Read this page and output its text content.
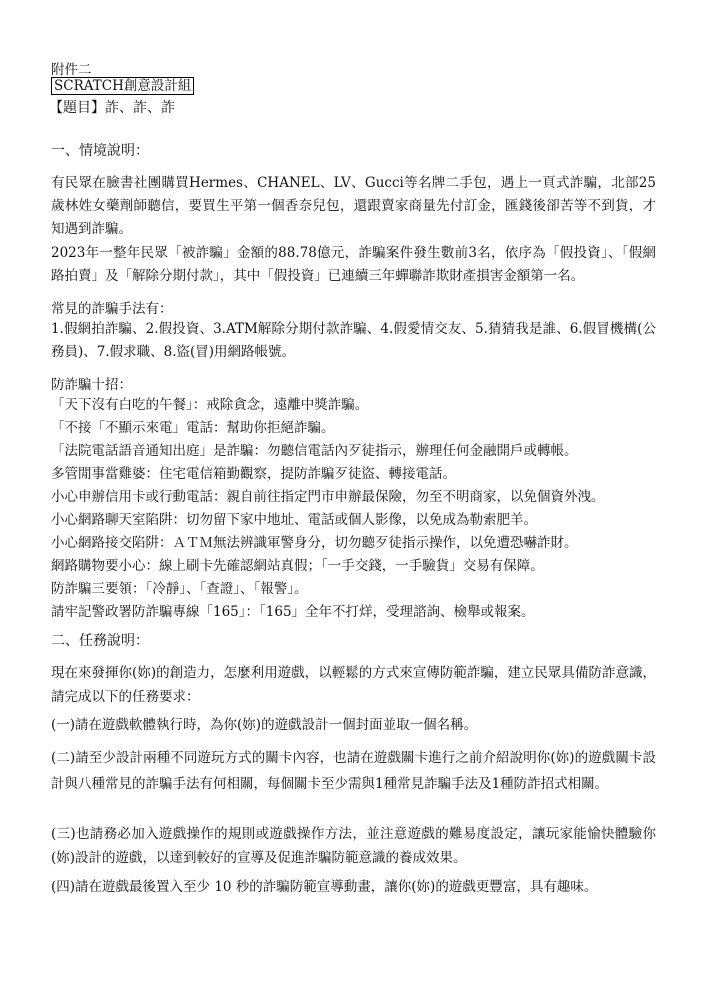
附件二
SCRATCH創意設計組
【題目】詐、詐、詐
一、情境說明：
有民眾在臉書社團購買Hermes、CHANEL、LV、Gucci等名牌二手包，遇上一頁式詐騙，北部25歲林姓女藥劑師聽信，要買生平第一個香奈兒包，還跟賣家商量先付訂金，匯錢後卻苦等不到貨，才知遇到詐騙。
2023年一整年民眾「被詐騙」金額的88.78億元，詐騙案件發生數前3名，依序為「假投資」、「假網路拍賣」及「解除分期付款」，其中「假投資」已連續三年蟬聯詐欺財產損害金額第一名。
常見的詐騙手法有：
1.假網拍詐騙、2.假投資、3.ATM解除分期付款詐騙、4.假愛情交友、5.猜猜我是誰、6.假冒機構(公務員)、7.假求職、8.盜(冒)用網路帳號。
防詐騙十招：
「天下沒有白吃的午餐」：戒除貪念，遠離中獎詐騙。
「不接「不顯示來電」電話：幫助你拒絕詐騙。
「法院電話語音通知出庭」是詐騙：勿聽信電話內歹徒指示，辦理任何金融開戶或轉帳。
多管閒事當雞婆：住宅電信箱勤觀察，提防詐騙歹徒盜、轉接電話。
小心申辦信用卡或行動電話：親自前往指定門市申辦最保險，勿至不明商家，以免個資外洩。
小心網路聊天室陷阱：切勿留下家中地址、電話或個人影像，以免成為勒索肥羊。
小心網路接交陷阱：ＡＴＭ無法辨識軍警身分，切勿聽歹徒指示操作，以免遭恐嚇詐財。
網路購物要小心：線上刷卡先確認網站真假；「一手交錢，一手驗貨」交易有保障。
防詐騙三要領：「冷靜」、「查證」、「報警」。
請牢記警政署防詐騙專線「165」：「165」全年不打烊，受理諮詢、檢舉或報案。
二、任務說明：
現在來發揮你(妳)的創造力，怎麼利用遊戲，以輕鬆的方式來宣傳防範詐騙，建立民眾具備防詐意識，請完成以下的任務要求：
(一)請在遊戲軟體執行時，為你(妳)的遊戲設計一個封面並取一個名稱。
(二)請至少設計兩種不同遊玩方式的關卡內容，也請在遊戲關卡進行之前介紹說明你(妳)的遊戲關卡設計與八種常見的詐騙手法有何相關，每個關卡至少需與1種常見詐騙手法及1種防詐招式相關。
(三)也請務必加入遊戲操作的規則或遊戲操作方法，並注意遊戲的難易度設定，讓玩家能愉快體驗你(妳)設計的遊戲，以達到較好的宣導及促進詐騙防範意識的養成效果。
(四)請在遊戲最後置入至少 10 秒的詐騙防範宣導動畫，讓你(妳)的遊戲更豐富，具有趣味。
